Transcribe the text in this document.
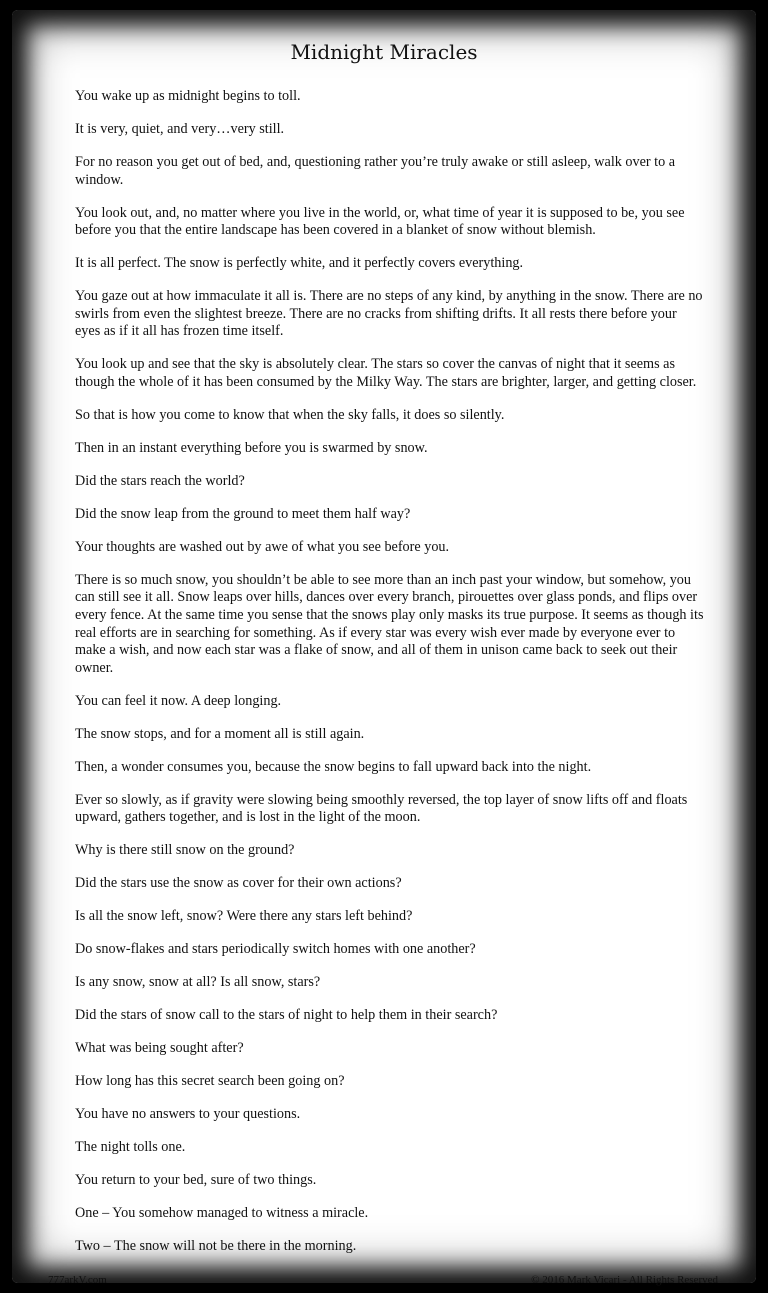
Midnight Miracles

You wake up as midnight begins to toll.

It is very, quiet, and very…very still.

For no reason you get out of bed, and, questioning rather you’re truly awake or still asleep, walk over to a window.

You look out, and, no matter where you live in the world, or, what time of year it is supposed to be, you see before you that the entire landscape has been covered in a blanket of snow without blemish.

It is all perfect. The snow is perfectly white, and it perfectly covers everything.

You gaze out at how immaculate it all is. There are no steps of any kind, by anything in the snow. There are no swirls from even the slightest breeze. There are no cracks from shifting drifts. It all rests there before your eyes as if it all has frozen time itself.

You look up and see that the sky is absolutely clear. The stars so cover the canvas of night that it seems as though the whole of it has been consumed by the Milky Way. The stars are brighter, larger, and getting closer.

So that is how you come to know that when the sky falls, it does so silently.

Then in an instant everything before you is swarmed by snow.

Did the stars reach the world?

Did the snow leap from the ground to meet them half way?

Your thoughts are washed out by awe of what you see before you.

There is so much snow, you shouldn’t be able to see more than an inch past your window, but somehow, you can still see it all. Snow leaps over hills, dances over every branch, pirouettes over glass ponds, and flips over every fence. At the same time you sense that the snows play only masks its true purpose. It seems as though its real efforts are in searching for something. As if every star was every wish ever made by everyone ever to make a wish, and now each star was a flake of snow, and all of them in unison came back to seek out their owner.

You can feel it now. A deep longing.

The snow stops, and for a moment all is still again.

Then, a wonder consumes you, because the snow begins to fall upward back into the night.

Ever so slowly, as if gravity were slowing being smoothly reversed, the top layer of snow lifts off and floats upward, gathers together, and is lost in the light of the moon.

Why is there still snow on the ground?

Did the stars use the snow as cover for their own actions?

Is all the snow left, snow? Were there any stars left behind?

Do snow-flakes and stars periodically switch homes with one another?

Is any snow, snow at all? Is all snow, stars?

Did the stars of snow call to the stars of night to help them in their search?

What was being sought after?

How long has this secret search been going on?

You have no answers to your questions.

The night tolls one.

You return to your bed, sure of two things.

One – You somehow managed to witness a miracle.

Two – The snow will not be there in the morning.

777arkV.com	© 2016 Mark Vicari - All Rights Reserved
